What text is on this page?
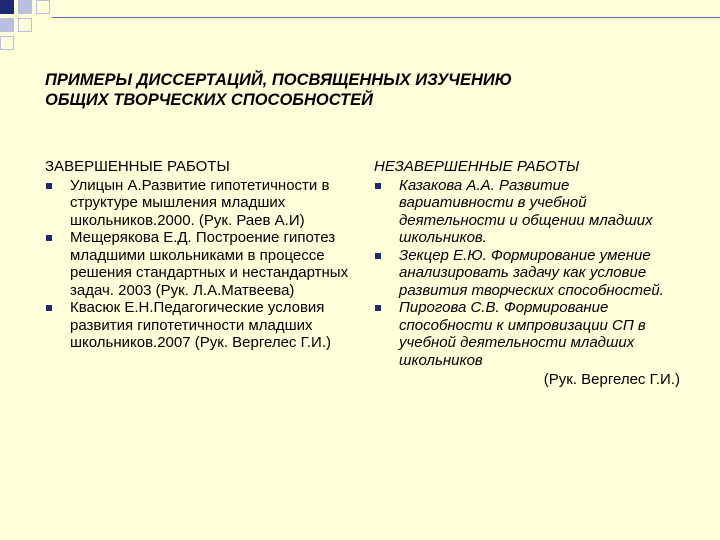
ПРИМЕРЫ ДИССЕРТАЦИЙ, ПОСВЯЩЕННЫХ ИЗУЧЕНИЮ
ОБЩИХ ТВОРЧЕСКИХ СПОСОБНОСТЕЙ
ЗАВЕРШЕННЫЕ РАБОТЫ
Улицын А.Развитие гипотетичности в структуре мышления младших школьников.2000. (Рук. Раев А.И)
Мещерякова Е.Д. Построение гипотез младшими школьниками в процессе решения стандартных и нестандартных задач. 2003 (Рук. Л.А.Матвеева)
Квасюк Е.Н.Педагогические условия развития гипотетичности младших школьников.2007 (Рук. Вергелес Г.И.)
НЕЗАВЕРШЕННЫЕ РАБОТЫ
Казакова А.А. Развитие вариативности в учебной деятельности и общении младших школьников.
Зекцер Е.Ю. Формирование умение анализировать задачу как условие развития творческих способностей.
Пирогова С.В. Формирование способности к импровизации СП в учебной деятельности младших школьников
(Рук. Вергелес Г.И.)
